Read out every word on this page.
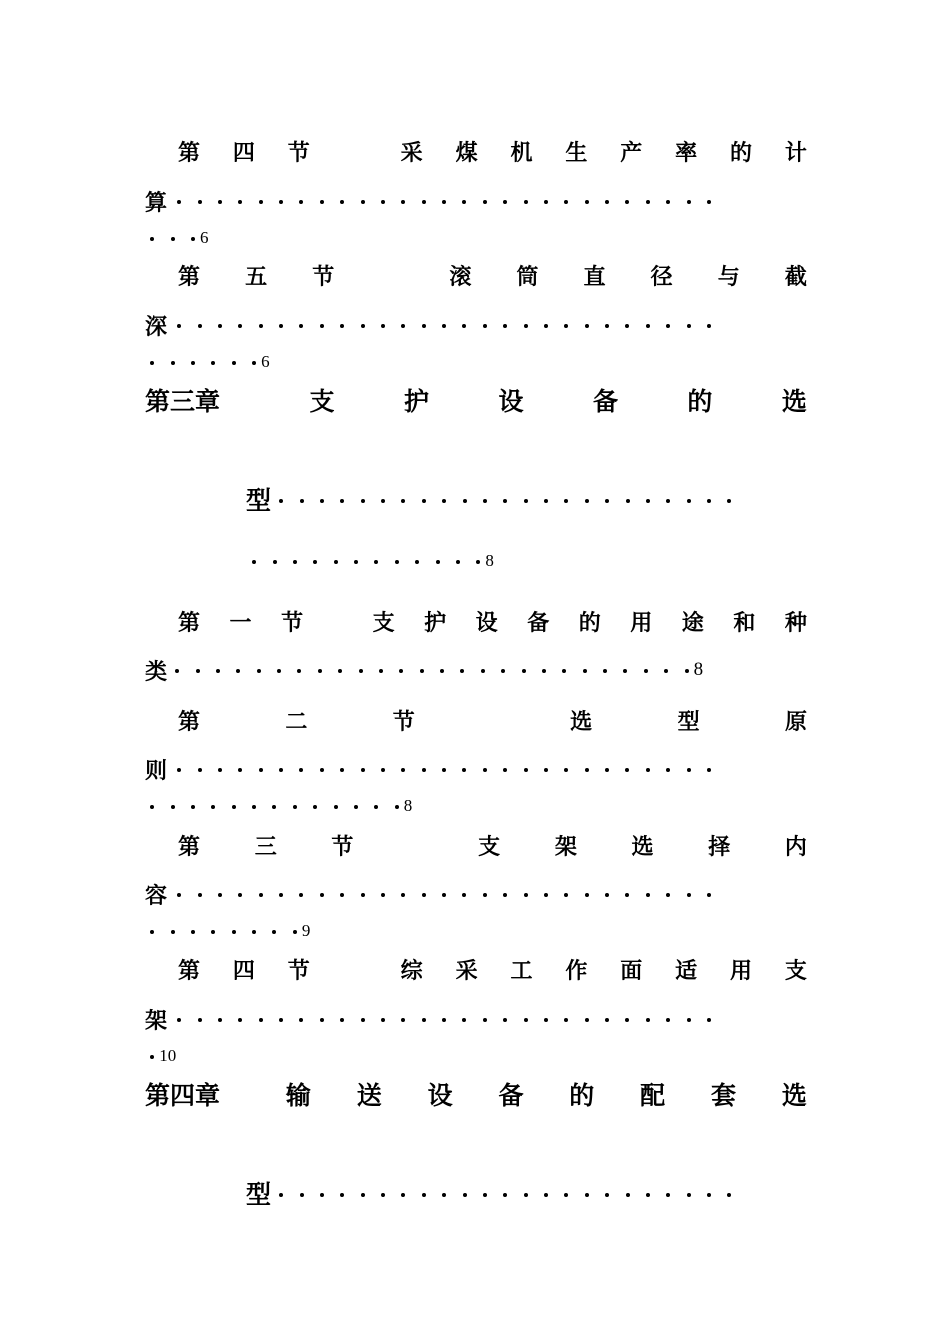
第 四 节	采 煤 机 生 产 率 的 计
算
6
第 五 节	滚 筒 直 径 与 截
深
6
第三章	支	护	设	备	的	选
型
8
第 一 节	支 护 设 备 的 用 途 和 种
类	8
第	二	节	选	型	原
则
8
第 三 节	支 架 选 择 内
容
9
第 四 节	综 采 工 作 面 适 用 支
架
10
第四章	输 送 设 备 的 配 套 选
型
